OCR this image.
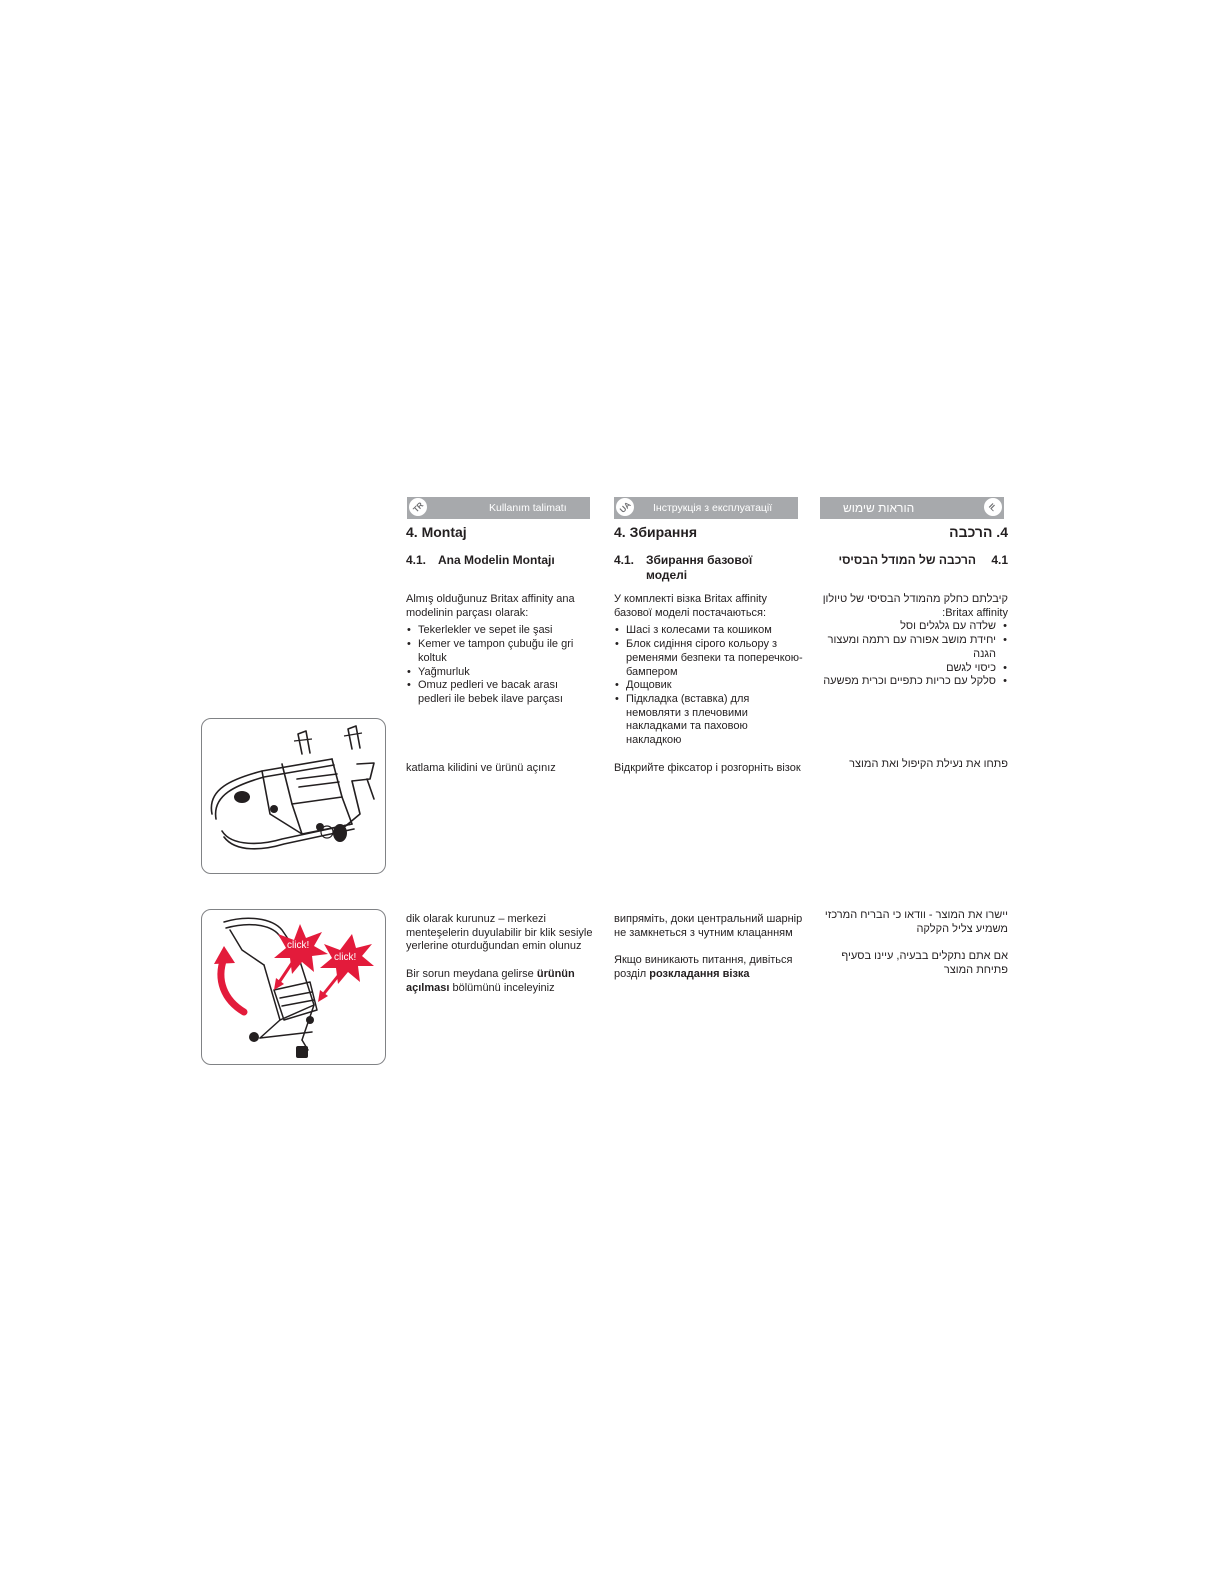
TR	Kullanım talimatı	UA	Інструкція з експлуатації	הוראות שימוש	IL
4. Montaj	4. Збирання	4. הרכבה
4.1. Ana Modelin Montajı	4.1. Збирання базової моделі
4.1הרכבה של המודל הבסיסי

Almış olduğunuz Britax affinity ana modelinin parçası olarak:

• Tekerlekler ve sepet ile şasi
• Kemer ve tampon çubuğu ile gri koltuk
• Yağmurluk
• Omuz pedleri ve bacak arası pedleri ile bebek ilave parçası

У комплекті візка Britax affinity базової моделі постачаються:

• Шасі з колесами та кошиком
• Блок сидіння сірого кольору з ременями безпеки та поперечкою-бампером
• Дощовик
• Підкладка (вставка) для немовляти з плечовими накладками та паховою накладкою

קיבלתם כחלק מהמודל הבסיסי של טיולון Britax affinity:

• שלדה עם גלגלים וסל
• יחידת מושב אפורה עם רתמה ומעצור הגנה
• כיסוי לגשם
• סלקל עם כריות כתפיים וכרית מפשעה
katlama kilidini ve ürünü açınız	Відкрийте фіксатор і розгорніть візок	פתחו את נעילת הקיפול ואת המוצר

dik olarak kurunuz – merkezi menteşelerin duyulabilir bir klik sesiyle yerlerine oturduğundan emin olunuz

Bir sorun meydana gelirse ürünün açılması bölümünü inceleyiniz

випряміть, доки центральний шарнір не замкнеться з чутним клацанням

Якщо виникають питання, дивіться розділ розкладання візка

יישרו את המוצר - וודאו כי הבריח המרכזי משמיע צליל הקלקה

אם אתם נתקלים בבעיה, עיינו בסעיף פתיחת המוצר

click!
click!
